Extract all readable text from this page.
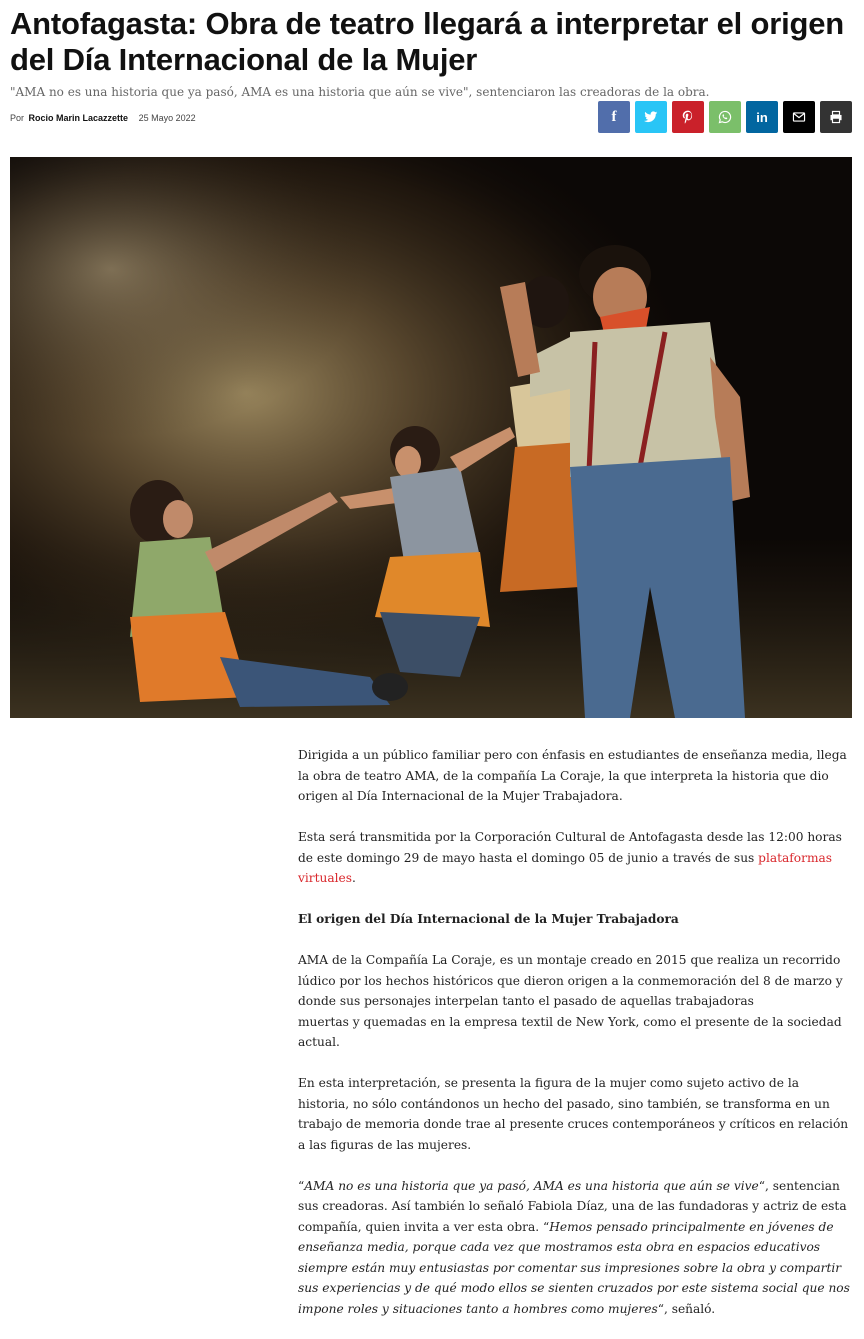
Antofagasta: Obra de teatro llegará a interpretar el origen del Día Internacional de la Mujer
"AMA no es una historia que ya pasó, AMA es una historia que aún se vive", sentenciaron las creadoras de la obra.
Por Rocio Marin Lacazzette 25 Mayo 2022	f	in

Dirigida a un público familiar pero con énfasis en estudiantes de enseñanza media, llega la obra de teatro AMA, de la compañía La Coraje, la que interpreta la historia que dio origen al Día Internacional de la Mujer Trabajadora.

Esta será transmitida por la Corporación Cultural de Antofagasta desde las 12:00 horas de este domingo 29 de mayo hasta el domingo 05 de junio a través de sus plataformas virtuales.

El origen del Día Internacional de la Mujer Trabajadora

AMA de la Compañía La Coraje, es un montaje creado en 2015 que realiza un recorrido lúdico por los hechos históricos que dieron origen a la conmemoración del 8 de marzo y donde sus personajes interpelan tanto el pasado de aquellas trabajadoras
muertas y quemadas en la empresa textil de New York, como el presente de la sociedad actual.

En esta interpretación, se presenta la figura de la mujer como sujeto activo de la historia, no sólo contándonos un hecho del pasado, sino también, se transforma en un trabajo de memoria donde trae al presente cruces contemporáneos y críticos en relación a las figuras de las mujeres.

“AMA no es una historia que ya pasó, AMA es una historia que aún se vive“, sentencian sus creadoras. Así también lo señaló Fabiola Díaz, una de las fundadoras y actriz de esta compañía, quien invita a ver esta obra. “Hemos pensado principalmente en jóvenes de enseñanza media, porque cada vez que mostramos esta obra en espacios educativos siempre están muy entusiastas por comentar sus impresiones sobre la obra y compartir sus experiencias y de qué modo ellos se sienten cruzados por este sistema social que nos impone roles y situaciones tanto a hombres como mujeres“, señaló.
